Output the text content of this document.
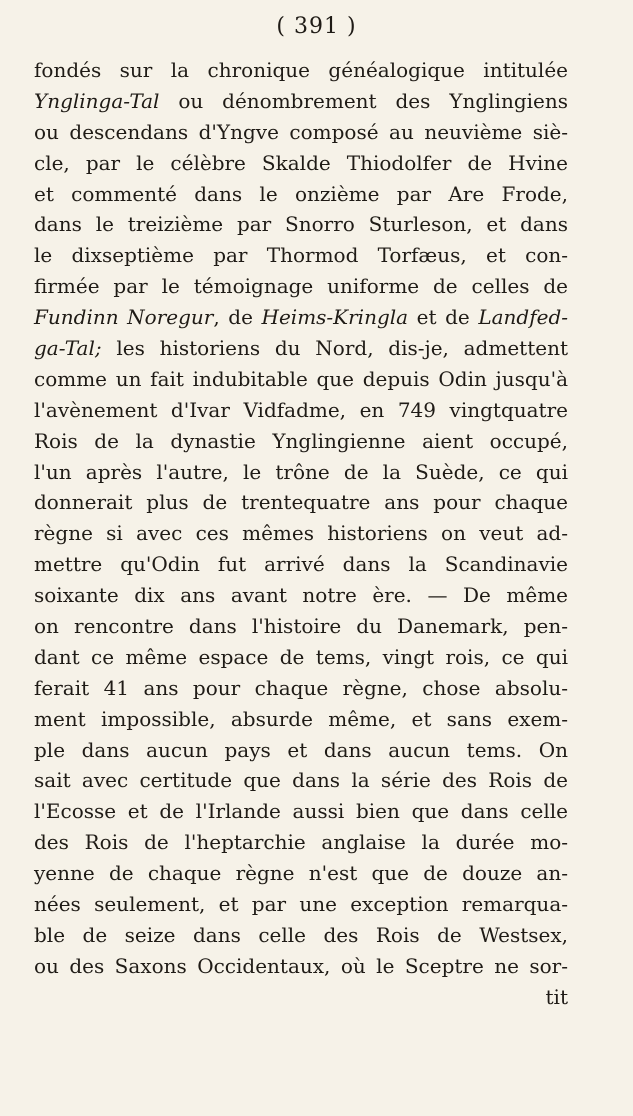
( 391 )
fondés sur la chronique généalogique intitulée
Ynglinga-Tal ou dénombrement des Ynglingiens
ou descendans d'Yngve composé au neuvième siè-
cle, par le célèbre Skalde Thiodolfer de Hvine
et commenté dans le onzième par Are Frode,
dans le treizième par Snorro Sturleson, et dans
le dixseptième par Thormod Torfæus, et con-
firmée par le témoignage uniforme de celles de
Fundinn Noregur, de Heims-Kringla et de Landfed-
ga-Tal; les historiens du Nord, dis-je, admettent
comme un fait indubitable que depuis Odin jusqu'à
l'avènement d'Ivar Vidfadme, en 749 vingtquatre
Rois de la dynastie Ynglingienne aient occupé,
l'un après l'autre, le trône de la Suède, ce qui
donnerait plus de trentequatre ans pour chaque
règne si avec ces mêmes historiens on veut ad-
mettre qu'Odin fut arrivé dans la Scandinavie
soixante dix ans avant notre ère. — De même
on rencontre dans l'histoire du Danemark, pen-
dant ce même espace de tems, vingt rois, ce qui
ferait 41 ans pour chaque règne, chose absolu-
ment impossible, absurde même, et sans exem-
ple dans aucun pays et dans aucun tems. On
sait avec certitude que dans la série des Rois de
l'Ecosse et de l'Irlande aussi bien que dans celle
des Rois de l'heptarchie anglaise la durée mo-
yenne de chaque règne n'est que de douze an-
nées seulement, et par une exception remarqua-
ble de seize dans celle des Rois de Westsex,
ou des Saxons Occidentaux, où le Sceptre ne sor-
tit
